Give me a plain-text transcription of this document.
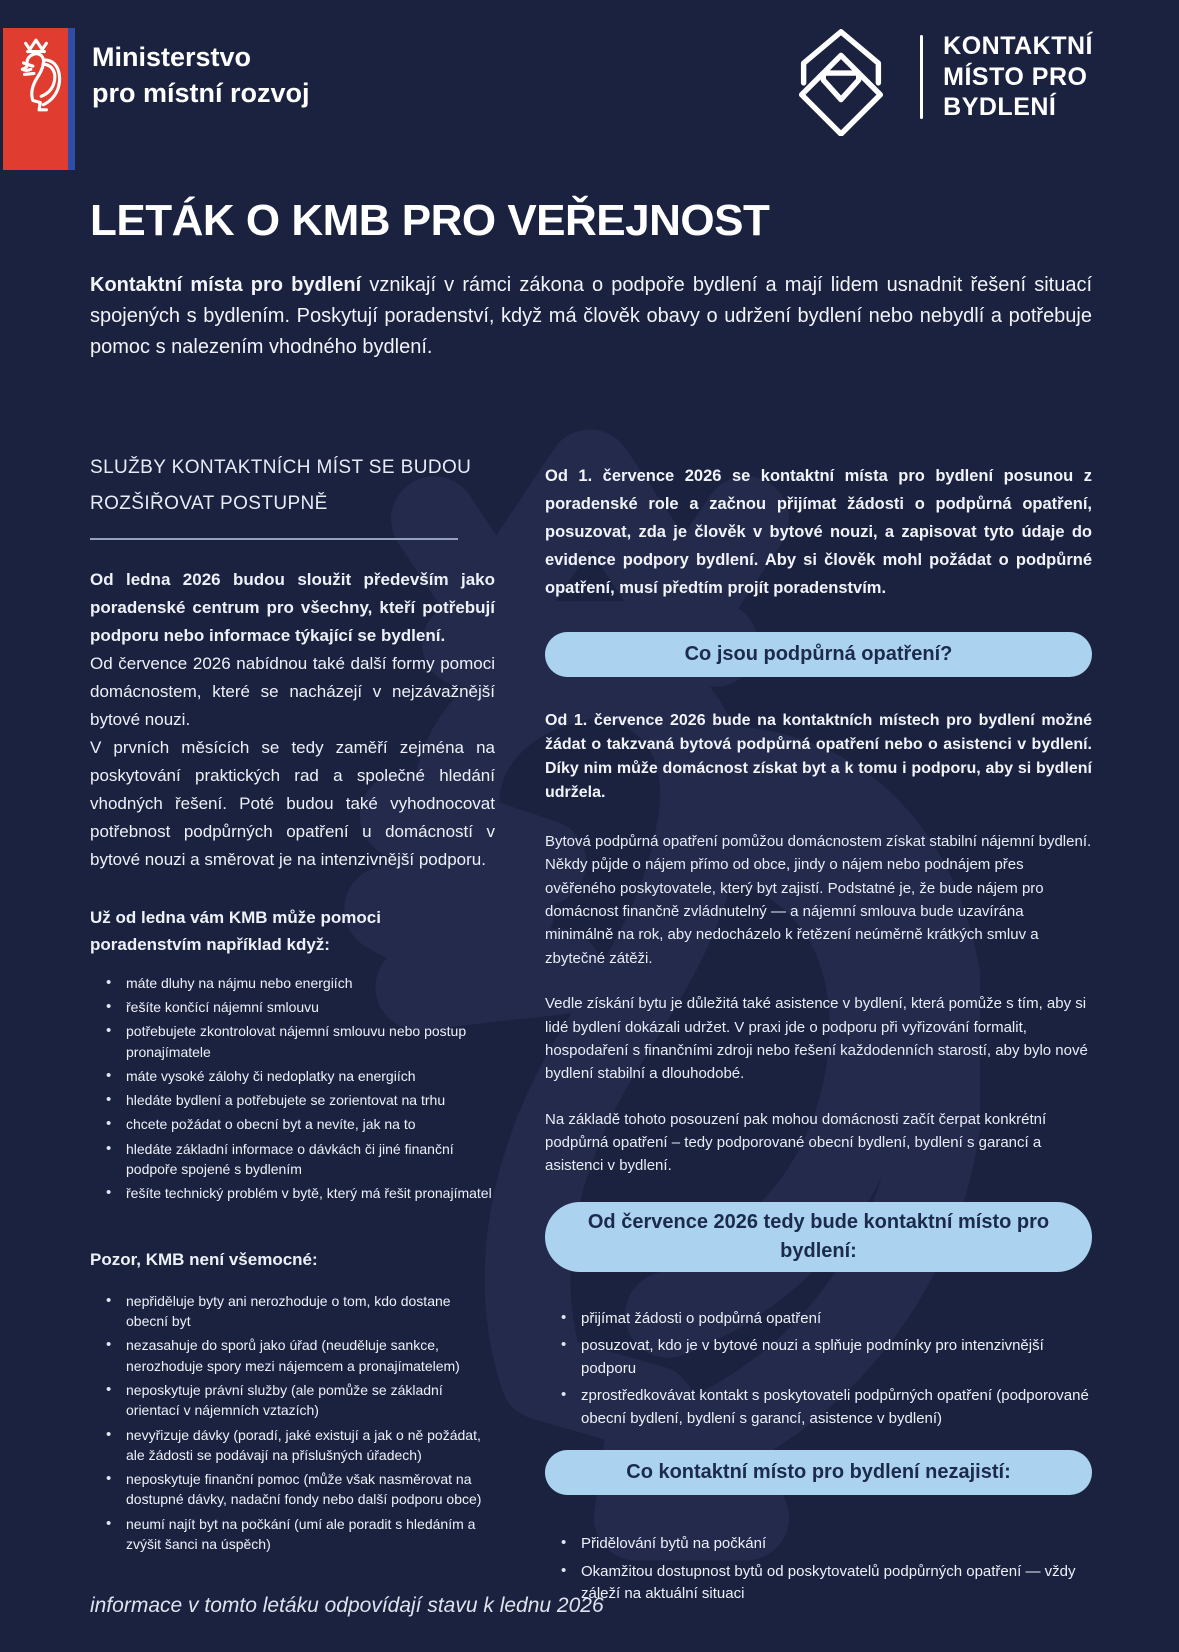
Ministerstvo
pro místní rozvoj
KONTAKTNÍ
MÍSTO PRO
BYDLENÍ
LETÁK O KMB PRO VEŘEJNOST

Kontaktní místa pro bydlení vznikají v rámci zákona o podpoře bydlení a mají lidem usnadnit řešení situací spojených s bydlením. Poskytují poradenství, když má člověk obavy o udržení bydlení nebo nebydlí a potřebuje pomoc s nalezením vhodného bydlení.

SLUŽBY KONTAKTNÍCH MÍST SE BUDOU ROZŠIŘOVAT POSTUPNĚ

Od ledna 2026 budou sloužit především jako poradenské centrum pro všechny, kteří potřebují podporu nebo informace týkající se bydlení.

Od července 2026 nabídnou také další formy pomoci domácnostem, které se nacházejí v nejzávažnější bytové nouzi.

V prvních měsících se tedy zaměří zejména na poskytování praktických rad a společné hledání vhodných řešení. Poté budou také vyhodnocovat potřebnost podpůrných opatření u domácností v bytové nouzi a směrovat je na intenzivnější podporu.

Už od ledna vám KMB může pomoci poradenstvím například když:

• máte dluhy na nájmu nebo energiích
• řešíte končící nájemní smlouvu
• potřebujete zkontrolovat nájemní smlouvu nebo postup pronajímatele
• máte vysoké zálohy či nedoplatky na energiích
• hledáte bydlení a potřebujete se zorientovat na trhu
• chcete požádat o obecní byt a nevíte, jak na to
• hledáte základní informace o dávkách či jiné finanční podpoře spojené s bydlením
• řešíte technický problém v bytě, který má řešit pronajímatel

Pozor, KMB není všemocné:

• nepřiděluje byty ani nerozhoduje o tom, kdo dostane obecní byt
• nezasahuje do sporů jako úřad (neuděluje sankce, nerozhoduje spory mezi nájemcem a pronajímatelem)
• neposkytuje právní služby (ale pomůže se základní orientací v nájemních vztazích)
• nevyřizuje dávky (poradí, jaké existují a jak o ně požádat, ale žádosti se podávají na příslušných úřadech)
• neposkytuje finanční pomoc (může však nasměrovat na dostupné dávky, nadační fondy nebo další podporu obce)
• neumí najít byt na počkání (umí ale poradit s hledáním a zvýšit šanci na úspěch)

Od 1. července 2026 se kontaktní místa pro bydlení posunou z poradenské role a začnou přijímat žádosti o podpůrná opatření, posuzovat, zda je člověk v bytové nouzi, a zapisovat tyto údaje do evidence podpory bydlení. Aby si člověk mohl požádat o podpůrné opatření, musí předtím projít poradenstvím.

Co jsou podpůrná opatření?

Od 1. července 2026 bude na kontaktních místech pro bydlení možné žádat o takzvaná bytová podpůrná opatření nebo o asistenci v bydlení. Díky nim může domácnost získat byt a k tomu i podporu, aby si bydlení udržela.

Bytová podpůrná opatření pomůžou domácnostem získat stabilní nájemní bydlení. Někdy půjde o nájem přímo od obce, jindy o nájem nebo podnájem přes ověřeného poskytovatele, který byt zajistí. Podstatné je, že bude nájem pro domácnost finančně zvládnutelný — a nájemní smlouva bude uzavírána minimálně na rok, aby nedocházelo k řetězení neúměrně krátkých smluv a zbytečné zátěži.

Vedle získání bytu je důležitá také asistence v bydlení, která pomůže s tím, aby si lidé bydlení dokázali udržet. V praxi jde o podporu při vyřizování formalit, hospodaření s finančními zdroji nebo řešení každodenních starostí, aby bylo nové bydlení stabilní a dlouhodobé.

Na základě tohoto posouzení pak mohou domácnosti začít čerpat konkrétní podpůrná opatření – tedy podporované obecní bydlení, bydlení s garancí a asistenci v bydlení.

Od července 2026 tedy bude kontaktní místo pro bydlení:
• přijímat žádosti o podpůrná opatření
• posuzovat, kdo je v bytové nouzi a splňuje podmínky pro intenzivnější podporu
• zprostředkovávat kontakt s poskytovateli podpůrných opatření (podporované obecní bydlení, bydlení s garancí, asistence v bydlení)
Co kontaktní místo pro bydlení nezajistí:
• Přidělování bytů na počkání
• Okamžitou dostupnost bytů od poskytovatelů podpůrných opatření — vždy záleží na aktuální situaci
informace v tomto letáku odpovídají stavu k lednu 2026
